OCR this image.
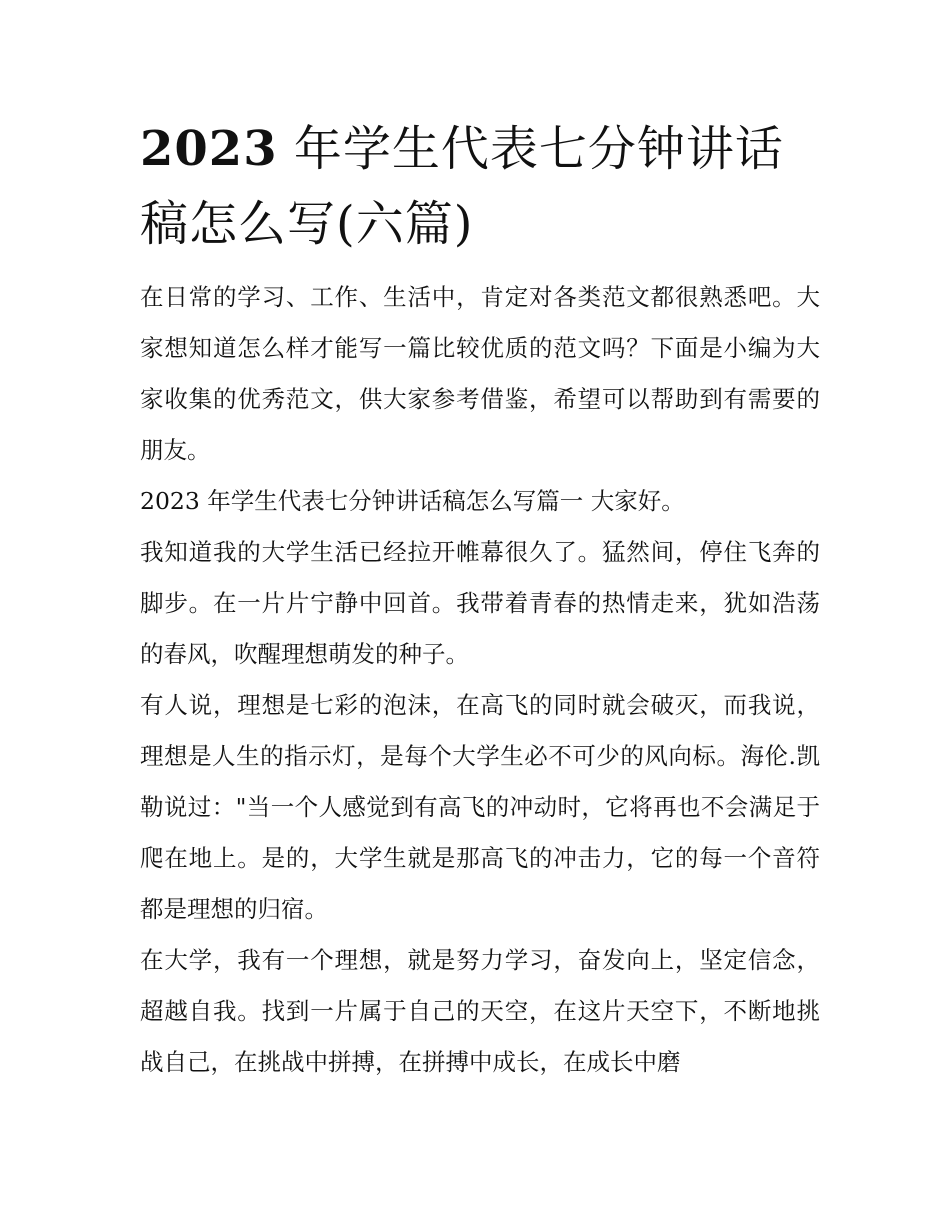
2023 年学生代表七分钟讲话稿怎么写(六篇)

在日常的学习、工作、生活中，肯定对各类范文都很熟悉吧。大家想知道怎么样才能写一篇比较优质的范文吗？下面是小编为大家收集的优秀范文，供大家参考借鉴，希望可以帮助到有需要的朋友。

2023 年学生代表七分钟讲话稿怎么写篇一 大家好。

我知道我的大学生活已经拉开帷幕很久了。猛然间，停住飞奔的脚步。在一片片宁静中回首。我带着青春的热情走来，犹如浩荡的春风，吹醒理想萌发的种子。

有人说，理想是七彩的泡沫，在高飞的同时就会破灭，而我说，理想是人生的指示灯，是每个大学生必不可少的风向标。海伦.凯勒说过："当一个人感觉到有高飞的冲动时，它将再也不会满足于爬在地上。是的，大学生就是那高飞的冲击力，它的每一个音符都是理想的归宿。

在大学，我有一个理想，就是努力学习，奋发向上，坚定信念，超越自我。找到一片属于自己的天空，在这片天空下，不断地挑战自己，在挑战中拼搏，在拼搏中成长，在成长中磨
